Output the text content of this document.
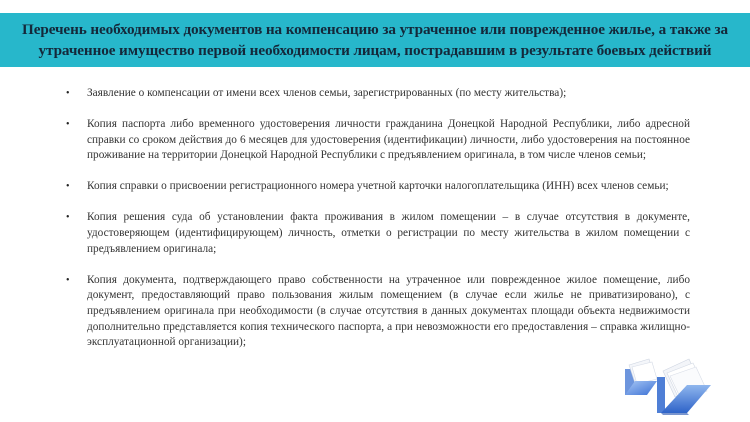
Перечень необходимых документов на компенсацию за утраченное или поврежденное жилье, а также за утраченное имущество первой необходимости лицам, пострадавшим в результате боевых действий
• Заявление о компенсации от имени всех членов семьи, зарегистрированных (по месту жительства);
• Копия паспорта либо временного удостоверения личности гражданина Донецкой Народной Республики, либо адресной справки со сроком действия до 6 месяцев для удостоверения (идентификации) личности, либо удостоверения на постоянное проживание на территории Донецкой Народной Республики с предъявлением оригинала, в том числе членов семьи;
• Копия справки о присвоении регистрационного номера учетной карточки налогоплательщика (ИНН) всех членов семьи;
• Копия решения суда об установлении факта проживания в жилом помещении – в случае отсутствия в документе, удостоверяющем (идентифицирующем) личность, отметки о регистрации по месту жительства в жилом помещении с предъявлением оригинала;
• Копия документа, подтверждающего право собственности на утраченное или поврежденное жилое помещение, либо документ, предоставляющий право пользования жилым помещением (в случае если жилье не приватизировано), с предъявлением оригинала при необходимости (в случае отсутствия в данных документах площади объекта недвижимости дополнительно представляется копия технического паспорта, а при невозможности его предоставления – справка жилищно-эксплуатационной организации);
